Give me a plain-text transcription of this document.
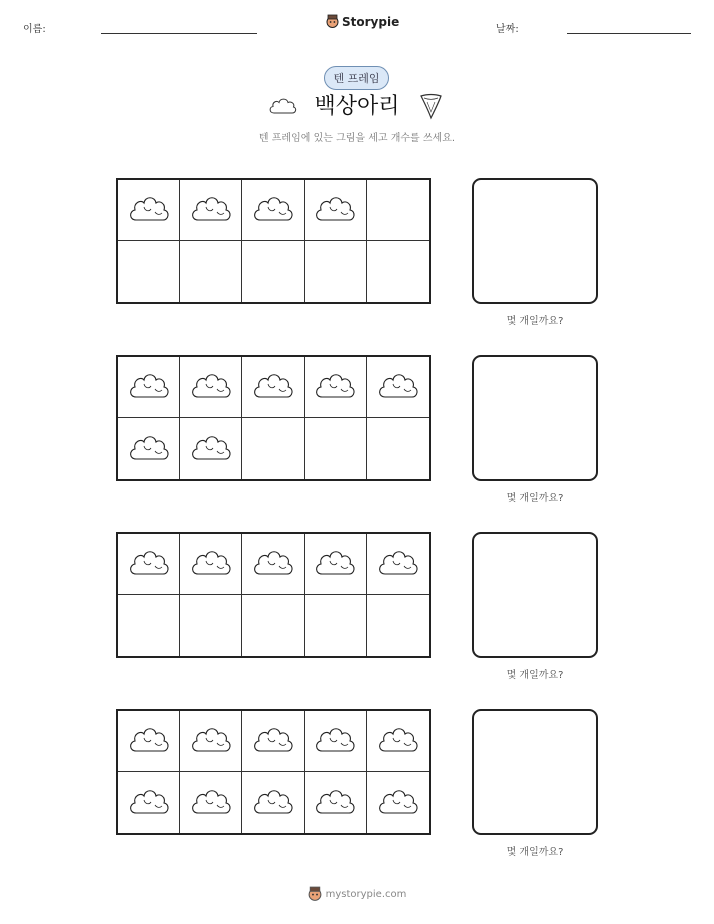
이름:
Storypie
날짜:
텐 프레임
백상아리
텐 프레임에 있는 그림을 세고 개수를 쓰세요.
몇 개일까요?
몇 개일까요?
몇 개일까요?
몇 개일까요?
mystorypie.com
